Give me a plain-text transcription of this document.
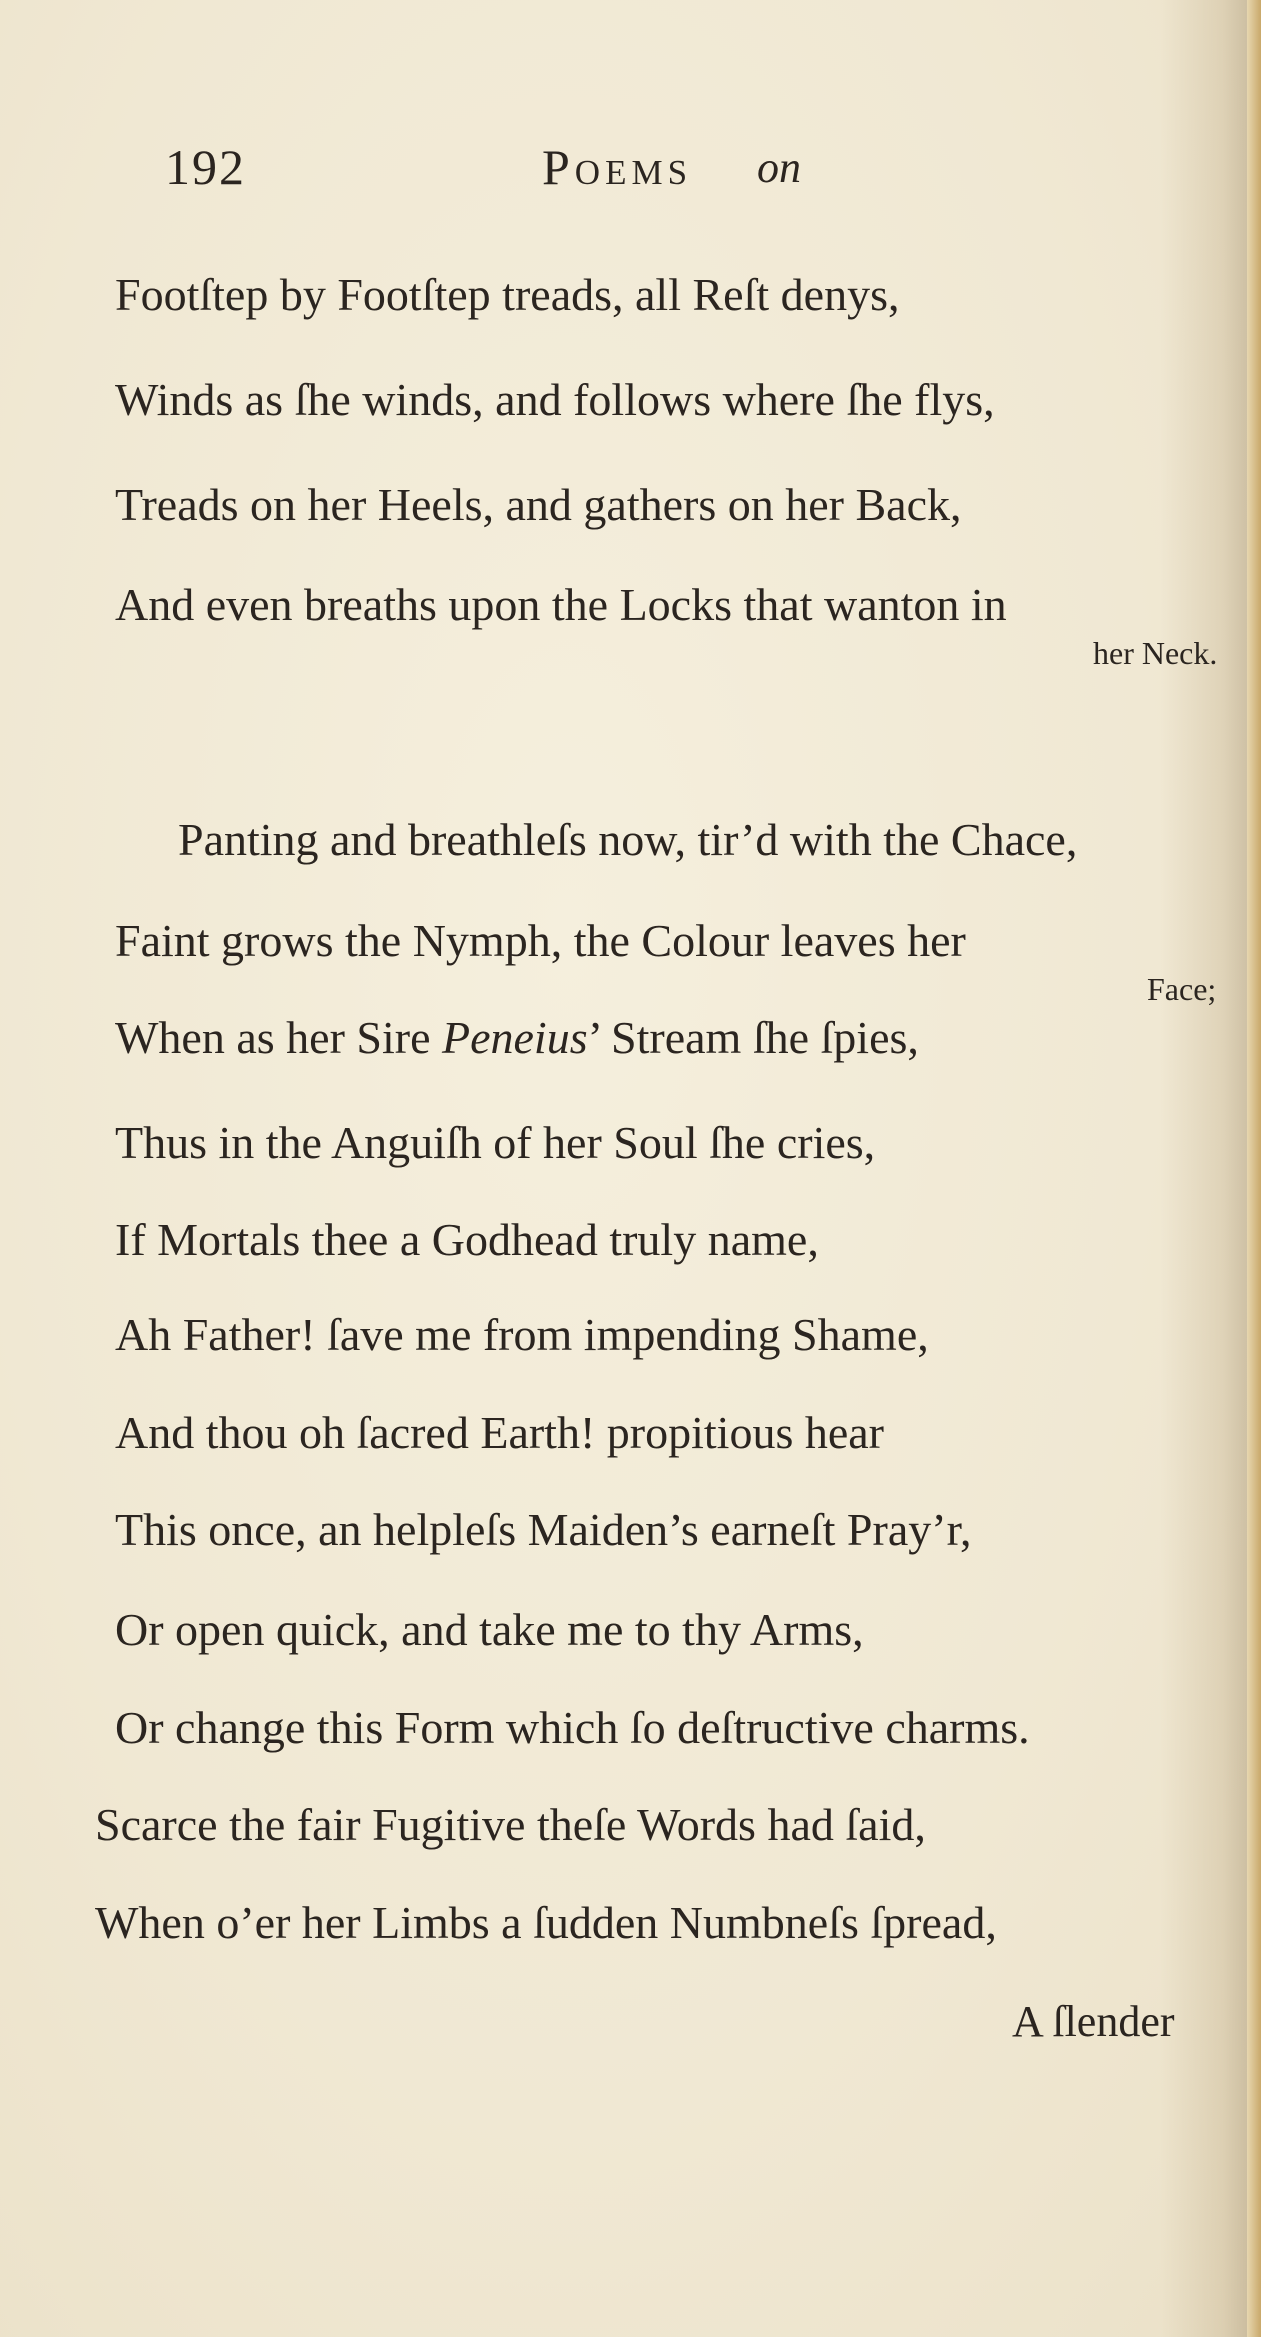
192	Poems on
Footſtep by Footſtep treads, all Reſt denys,
Winds as ſhe winds, and follows where ſhe flys,
Treads on her Heels, and gathers on her Back,
And even breaths upon the Locks that wanton in
her Neck.
Panting and breathleſs now, tir’d with the Chace,
Faint grows the Nymph, the Colour leaves her
Face;
When as her Sire Peneius’ Stream ſhe ſpies,
Thus in the Anguiſh of her Soul ſhe cries,
If Mortals thee a Godhead truly name,
Ah Father! ſave me from impending Shame,
And thou oh ſacred Earth! propitious hear
This once, an helpleſs Maiden’s earneſt Pray’r,
Or open quick, and take me to thy Arms,
Or change this Form which ſo deſtructive charms.
Scarce the fair Fugitive theſe Words had ſaid,
When o’er her Limbs a ſudden Numbneſs ſpread,
A ſlender
